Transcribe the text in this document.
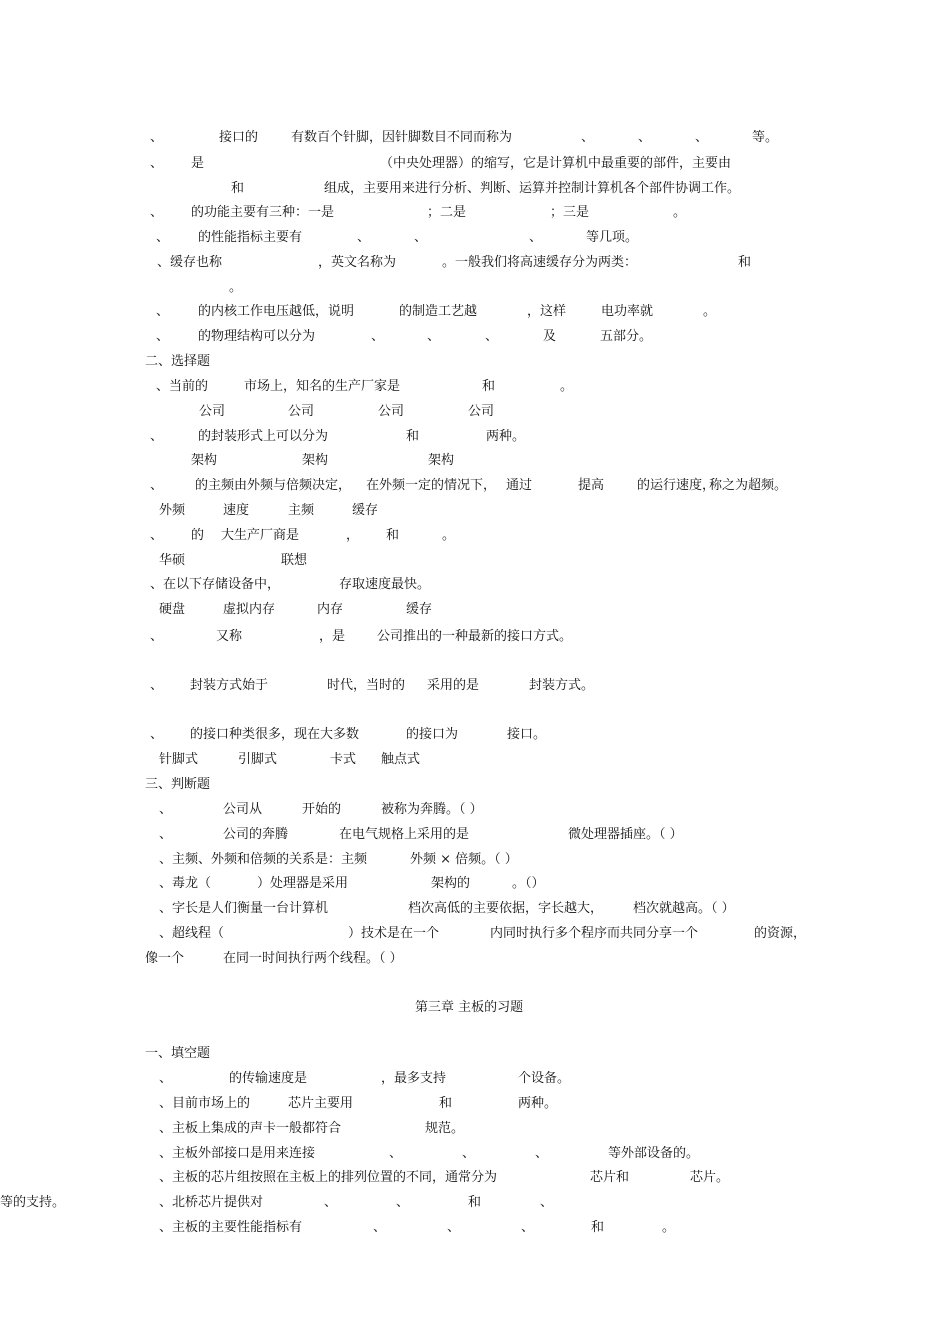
、	接口的	有数百个针脚，因针脚数目不同而称为	、	、	、	等。
、 是	（中央处理器）的缩写，它是计算机中最重要的部件，主要由
和	组成，主要用来进行分析、判断、运算并控制计算机各个部件协调工作。
、 的功能主要有三种：一是	；二是	；三是	。
、 的性能指标主要有	、	、	、	等几项。
、缓存也称	，英文名称为	。一般我们将高速缓存分为两类：	和
。
、 的内核工作电压越低，说明	的制造工艺越	，这样	电功率就	。
、 的物理结构可以分为	、	、	、	及	五部分。
二、选择题
、当前的	市场上，知名的生产厂家是	和	。
公司	公司	公司	公司
、	的封装形式上可以分为	和	两种。
架构	架构	架构
、 的主频由外频与倍频决定， 在外频一定的情况下， 通过	提高	的运行速度，
称之为超频。
外频	速度	主频	缓存
、 的 大生产厂商是	， 和	。
华硕	联想
、在以下存储设备中，	存取速度最快。
硬盘	虚拟内存	内存	缓存
、	又称	，是 公司推出的一种最新的接口方式。
、 封装方式始于	时代，当时的 采用的是	封装方式。
、 的接口种类很多，现在大多数	的接口为	接口。
针脚式	引脚式	卡式 触点式
三、判断题
、	公司从	开始的	被称为奔腾。（ ）
、	公司的奔腾	在电气规格上采用的是	微处理器插座。（ ）
、主频、外频和倍频的关系是：主频	外频 × 倍频。（ ）
、毒龙（	）处理器是采用	架构的	。（）
、字长是人们衡量一台计算机	档次高低的主要依据，字长越大， 档次就越高。（ ）
、超线程（	）技术是在一个	内同时执行多个程序而共同分享一个	的资源，
像一个	在同一时间执行两个线程。（ ）
第三章 主板的习题
一、填空题
、	的传输速度是	，最多支持	个设备。
、目前市场上的	芯片主要用	和	两种。
、主板上集成的声卡一般都符合	规范。
、主板外部接口是用来连接	、	、	、	等外部设备的。
、主板的芯片组按照在主板上的排列位置的不同，通常分为	芯片和	芯片。
、北桥芯片提供对	、	、	和	、
等的支持。
、主板的主要性能指标有	、	、	、	和	。
